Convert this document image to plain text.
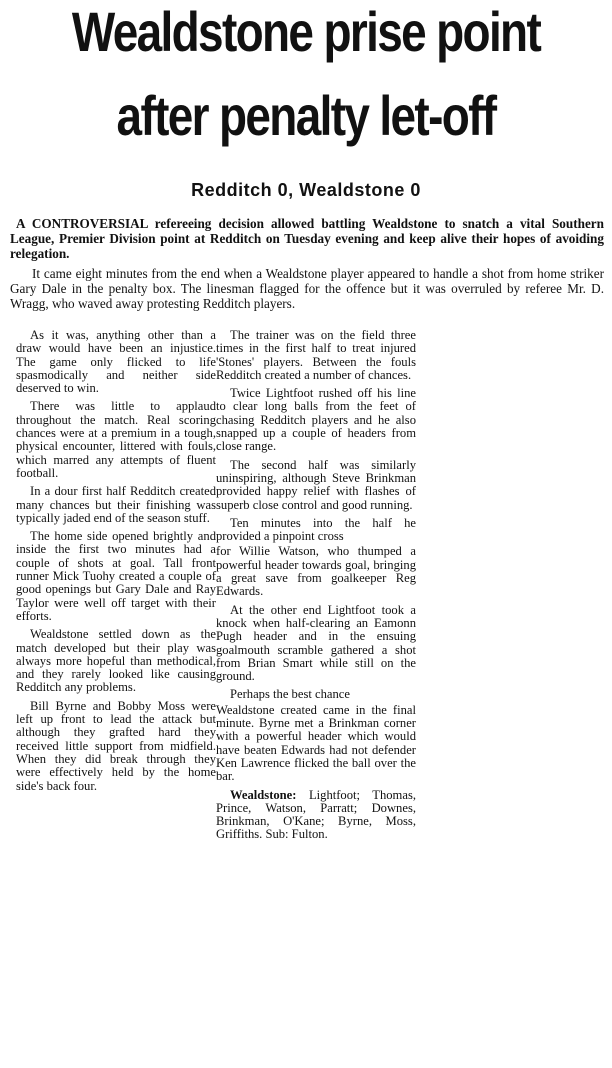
Wealdstone prise point
after penalty let-off
Redditch 0, Wealdstone 0

A CONTROVERSIAL refereeing decision allowed battling Wealdstone to snatch a vital Southern League, Premier Division point at Redditch on Tuesday evening and keep alive their hopes of avoiding relegation.

It came eight minutes from the end when a Wealdstone player appeared to handle a shot from home striker Gary Dale in the penalty box. The linesman flagged for the offence but it was overruled by referee Mr. D. Wragg, who waved away protesting Redditch players.

As it was, anything other than a draw would have been an injustice. The game only flicked to life spasmodically and neither side deserved to win.

There was little to applaud throughout the match. Real scoring chances were at a premium in a tough, physical encounter, littered with fouls, which marred any attempts of fluent football.

In a dour first half Redditch created many chances but their finishing was typically jaded end of the season stuff.

The home side opened brightly and inside the first two minutes had a couple of shots at goal. Tall front runner Mick Tuohy created a couple of good openings but Gary Dale and Ray Taylor were well off target with their efforts.

Wealdstone settled down as the match developed but their play was always more hopeful than methodical, and they rarely looked like causing Redditch any problems.

Bill Byrne and Bobby Moss were left up front to lead the attack but although they grafted hard they received little support from midfield. When they did break through they were effectively held by the home side's back four.

The trainer was on the field three times in the first half to treat injured 'Stones' players. Between the fouls Redditch created a number of chances.

Twice Lightfoot rushed off his line to clear long balls from the feet of chasing Redditch players and he also snapped up a couple of headers from close range.

The second half was similarly uninspiring, although Steve Brinkman provided happy relief with flashes of superb close control and good running.

Ten minutes into the half he provided a pinpoint cross

for Willie Watson, who thumped a powerful header towards goal, bringing a great save from goalkeeper Reg Edwards.

At the other end Lightfoot took a knock when half-clearing an Eamonn Pugh header and in the ensuing goalmouth scramble gathered a shot from Brian Smart while still on the ground.

Perhaps the best chance

Wealdstone created came in the final minute. Byrne met a Brinkman corner with a powerful header which would have beaten Edwards had not defender Ken Lawrence flicked the ball over the bar.

Wealdstone: Lightfoot; Thomas, Prince, Watson, Parratt; Downes, Brinkman, O'Kane; Byrne, Moss, Griffiths. Sub: Fulton.
